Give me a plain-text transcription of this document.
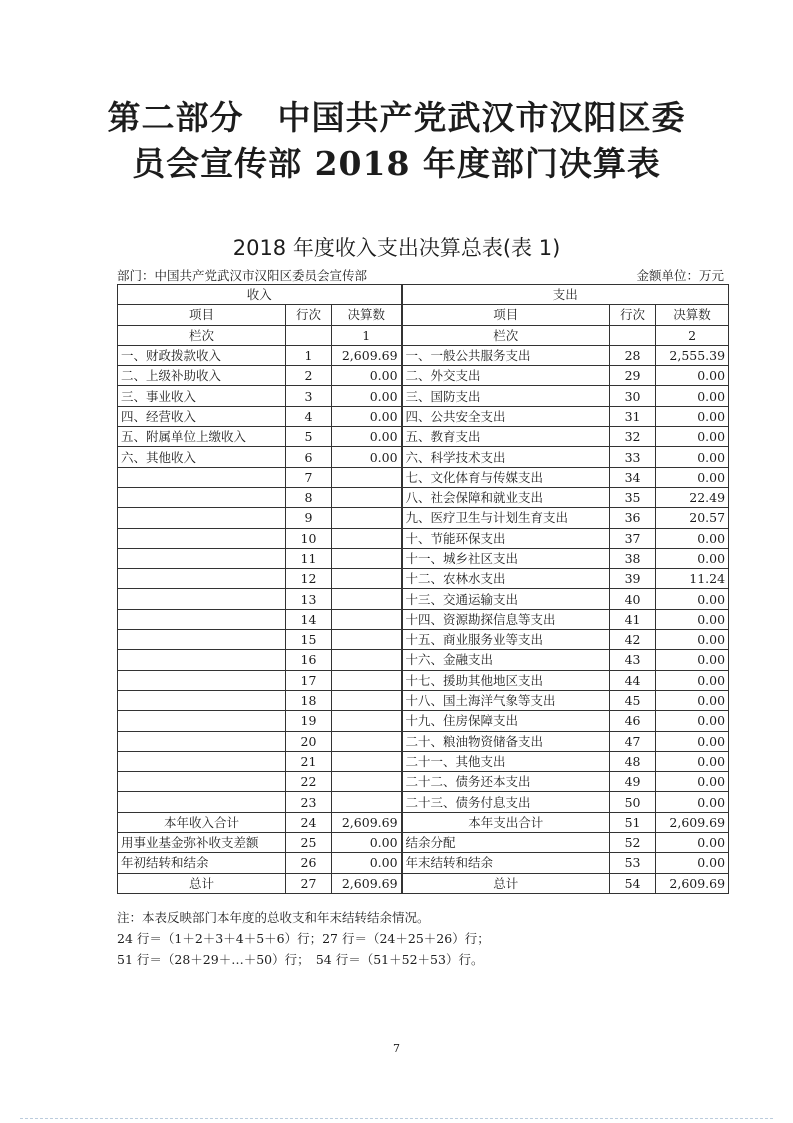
第二部分　中国共产党武汉市汉阳区委
员会宣传部 2018 年度部门决算表
2018 年度收入支出决算总表(表 1)
部门：中国共产党武汉市汉阳区委员会宣传部	金额单位：万元
收入			支出		
项目	行次	决算数	项目	行次	决算数
栏次		1	栏次		2
一、财政拨款收入	1	2,609.69	一、一般公共服务支出	28	2,555.39
二、上级补助收入	2	0.00	二、外交支出	29	0.00
三、事业收入	3	0.00	三、国防支出	30	0.00
四、经营收入	4	0.00	四、公共安全支出	31	0.00
五、附属单位上缴收入	5	0.00	五、教育支出	32	0.00
六、其他收入	6	0.00	六、科学技术支出	33	0.00
	7		七、文化体育与传媒支出	34	0.00
	8		八、社会保障和就业支出	35	22.49
	9		九、医疗卫生与计划生育支出	36	20.57
	10		十、节能环保支出	37	0.00
	11		十一、城乡社区支出	38	0.00
	12		十二、农林水支出	39	11.24
	13		十三、交通运输支出	40	0.00
	14		十四、资源勘探信息等支出	41	0.00
	15		十五、商业服务业等支出	42	0.00
	16		十六、金融支出	43	0.00
	17		十七、援助其他地区支出	44	0.00
	18		十八、国土海洋气象等支出	45	0.00
	19		十九、住房保障支出	46	0.00
	20		二十、粮油物资储备支出	47	0.00
	21		二十一、其他支出	48	0.00
	22		二十二、债务还本支出	49	0.00
	23		二十三、债务付息支出	50	0.00
本年收入合计	24	2,609.69	本年支出合计	51	2,609.69
用事业基金弥补收支差额	25	0.00	结余分配	52	0.00
年初结转和结余	26	0.00	年末结转和结余	53	0.00
总计	27	2,609.69	总计	54	2,609.69
注：本表反映部门本年度的总收支和年末结转结余情况。
24 行＝（1＋2＋3＋4＋5＋6）行；27 行＝（24＋25＋26）行；
51 行＝（28＋29＋…＋50）行；　54 行＝（51＋52＋53）行。
7
